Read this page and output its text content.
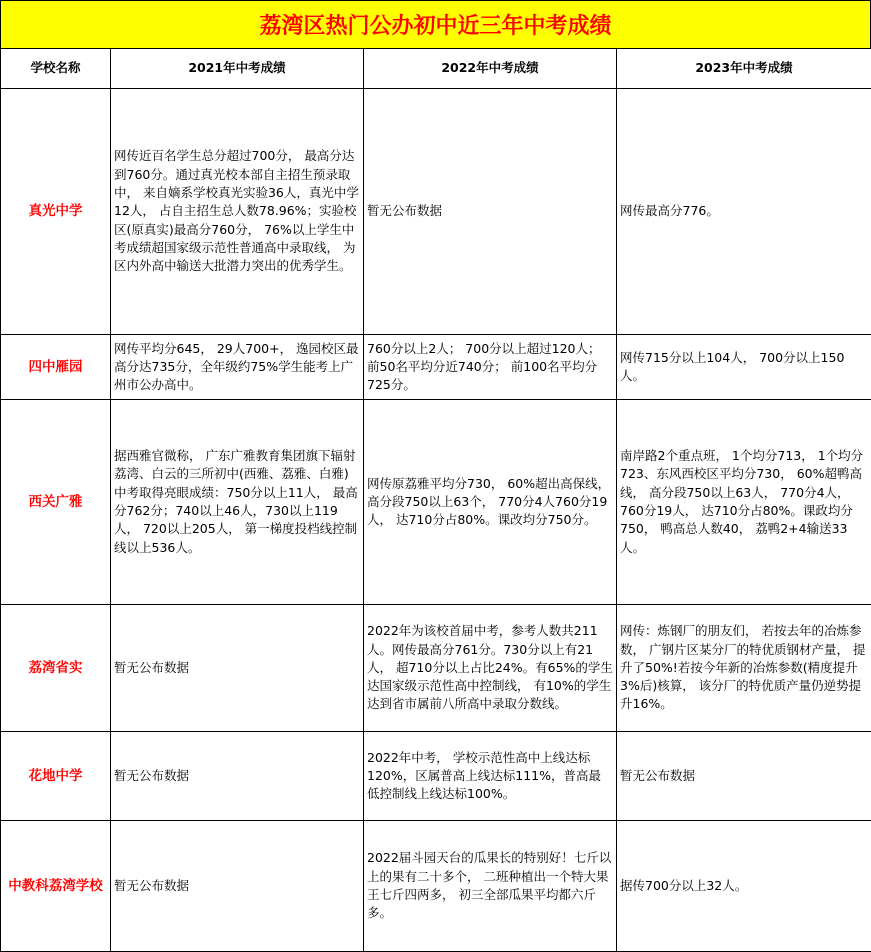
荔湾区热门公办初中近三年中考成绩
学校名称	2021年中考成绩	2022年中考成绩	2023年中考成绩
真光中学	网传近百名学生总分超过700分， 最高分达到760分。通过真光校本部自主招生预录取中， 来自嫡系学校真光实验36人，真光中学12人， 占自主招生总人数78.96%；实验校区(原真实)最高分760分， 76%以上学生中考成绩超国家级示范性普通高中录取线， 为区内外高中输送大批潜力突出的优秀学生。	暂无公布数据	网传最高分776。
四中雁园	网传平均分645， 29人700+， 逸园校区最高分达735分，全年级约75%学生能考上广州市公办高中。	760分以上2人； 700分以上超过120人； 前50名平均分近740分； 前100名平均分725分。	网传715分以上104人， 700分以上150人。
西关广雅	据西雅官微称， 广东广雅教育集团旗下辐射荔湾、白云的三所初中(西雅、荔雅、白雅) 中考取得亮眼成绩：750分以上11人， 最高分762分；740以上46人，730以上119人， 720以上205人， 第一梯度投档线控制线以上536人。	网传原荔雅平均分730， 60%超出高保线， 高分段750以上63个， 770分4人760分19人， 达710分占80%。课改均分750分。	南岸路2个重点班， 1个均分713， 1个均分723、东风西校区平均分730， 60%超鸭高线， 高分段750以上63人， 770分4人，760分19人， 达710分占80%。课政均分750， 鸭高总人数40， 荔鸭2+4输送33人。
荔湾省实	暂无公布数据	2022年为该校首届中考，参考人数共211人。网传最高分761分。730分以上有21人， 超710分以上占比24%。有65%的学生达国家级示范性高中控制线， 有10%的学生达到省市属前八所高中录取分数线。	网传：炼钢厂的朋友们， 若按去年的冶炼参数， 广钢片区某分厂的特优质钢材产量， 提升了50%!若按今年新的冶炼参数(精度提升3%后)核算， 该分厂的特优质产量仍逆势提升16%。
花地中学	暂无公布数据	2022年中考， 学校示范性高中上线达标120%，区属普高上线达标111%，普高最低控制线上线达标100%。	暂无公布数据
中教科荔湾学校	暂无公布数据	2022届斗园天台的瓜果长的特别好！七斤以上的果有二十多个， 二班种植出一个特大果王七斤四两多， 初三全部瓜果平均都六斤多。	据传700分以上32人。
